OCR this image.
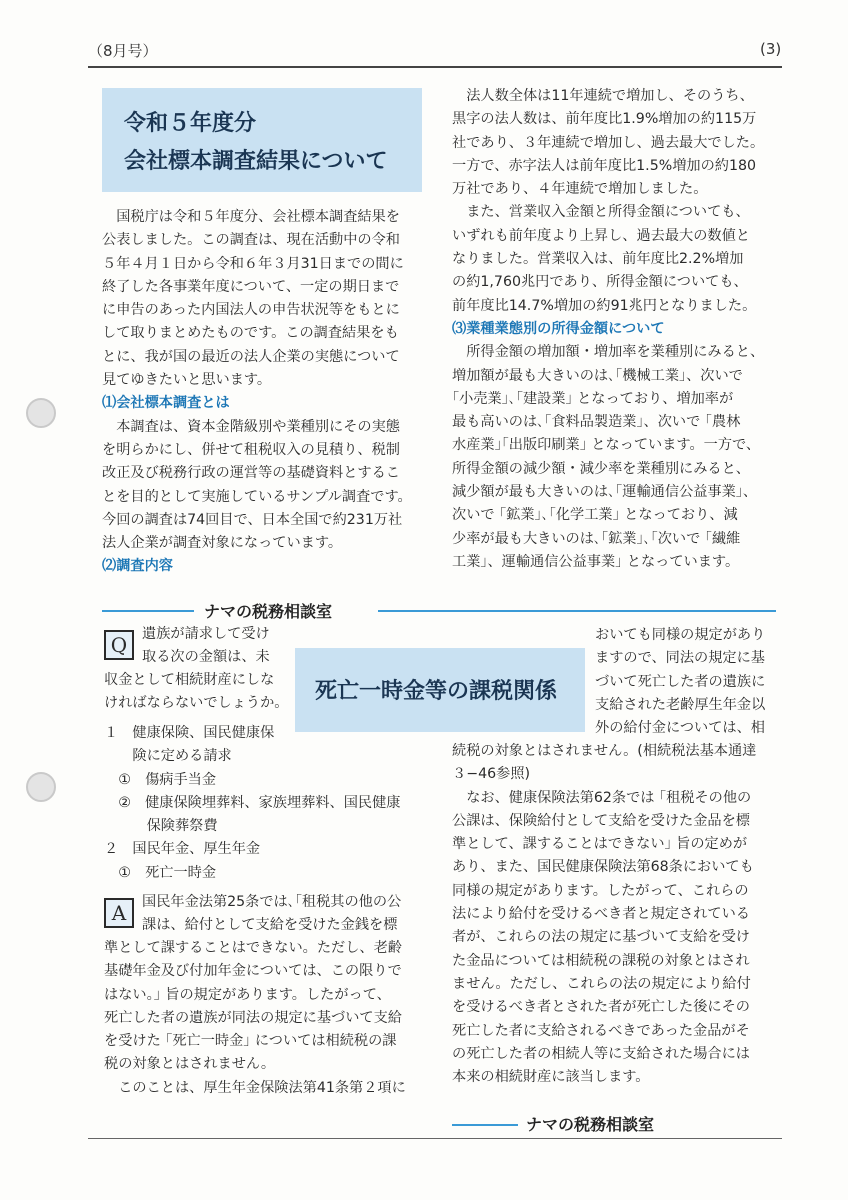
（8月号）	(3)
令和５年度分
会社標本調査結果について
　国税庁は令和５年度分、会社標本調査結果を
公表しました。この調査は、現在活動中の令和
５年４月１日から令和６年３月31日までの間に
終了した各事業年度について、一定の期日まで
に申告のあった内国法人の申告状況等をもとに
して取りまとめたものです。この調査結果をも
とに、我が国の最近の法人企業の実態について
見てゆきたいと思います。
⑴会社標本調査とは
　本調査は、資本金階級別や業種別にその実態
を明らかにし、併せて租税収入の見積り、税制
改正及び税務行政の運営等の基礎資料とするこ
とを目的として実施しているサンプル調査です。
今回の調査は74回目で、日本全国で約231万社
法人企業が調査対象になっています。
⑵調査内容
　法人数全体は11年連続で増加し、そのうち、
黒字の法人数は、前年度比1.9%増加の約115万
社であり、３年連続で増加し、過去最大でした。
一方で、赤字法人は前年度比1.5%増加の約180
万社であり、４年連続で増加しました。
　また、営業収入金額と所得金額についても、
いずれも前年度より上昇し、過去最大の数値と
なりました。営業収入は、前年度比2.2%増加
の約1,760兆円であり、所得金額についても、
前年度比14.7%増加の約91兆円となりました。
⑶業種業態別の所得金額について
　所得金額の増加額・増加率を業種別にみると、
増加額が最も大きいのは､｢機械工業｣、次いで
｢小売業｣､｢建設業｣ となっており、増加率が
最も高いのは､｢食料品製造業｣、次いで ｢農林
水産業｣｢出版印刷業｣ となっています。一方で、
所得金額の減少額・減少率を業種別にみると、
減少額が最も大きいのは､｢運輸通信公益事業｣、
次いで ｢鉱業｣､｢化学工業｣ となっており、減
少率が最も大きいのは､｢鉱業｣､｢次いで ｢繊維
工業｣、運輸通信公益事業｣ となっています。
ナマの税務相談室
死亡一時金等の課税関係
Q	遺族が請求して受け
取る次の金額は、未
収金として相続財産にしな
ければならないでしょうか。
１　健康保険、国民健康保
　　険に定める請求
　①　傷病手当金
　②　健康保険埋葬料、家族埋葬料、国民健康
　　　保険葬祭費
２　国民年金、厚生年金
　①　死亡一時金
A	国民年金法第25条では､｢租税其の他の公
課は、給付として支給を受けた金銭を標
準として課することはできない。ただし、老齢
基礎年金及び付加年金については、この限りで
はない。｣ 旨の規定があります。したがって、
死亡した者の遺族が同法の規定に基づいて支給
を受けた ｢死亡一時金｣ については相続税の課
税の対象とはされません。
　このことは、厚生年金保険法第41条第２項に
おいても同様の規定があり
ますので、同法の規定に基
づいて死亡した者の遺族に
支給された老齢厚生年金以
外の給付金については、相
続税の対象とはされません。(相続税法基本通達
３−46参照)
　なお、健康保険法第62条では ｢租税その他の
公課は、保険給付として支給を受けた金品を標
準として、課することはできない｣ 旨の定めが
あり、また、国民健康保険法第68条においても
同様の規定があります。したがって、これらの
法により給付を受けるべき者と規定されている
者が、これらの法の規定に基づいて支給を受け
た金品については相続税の課税の対象とはされ
ません。ただし、これらの法の規定により給付
を受けるべき者とされた者が死亡した後にその
死亡した者に支給されるべきであった金品がそ
の死亡した者の相続人等に支給された場合には
本来の相続財産に該当します。
ナマの税務相談室
